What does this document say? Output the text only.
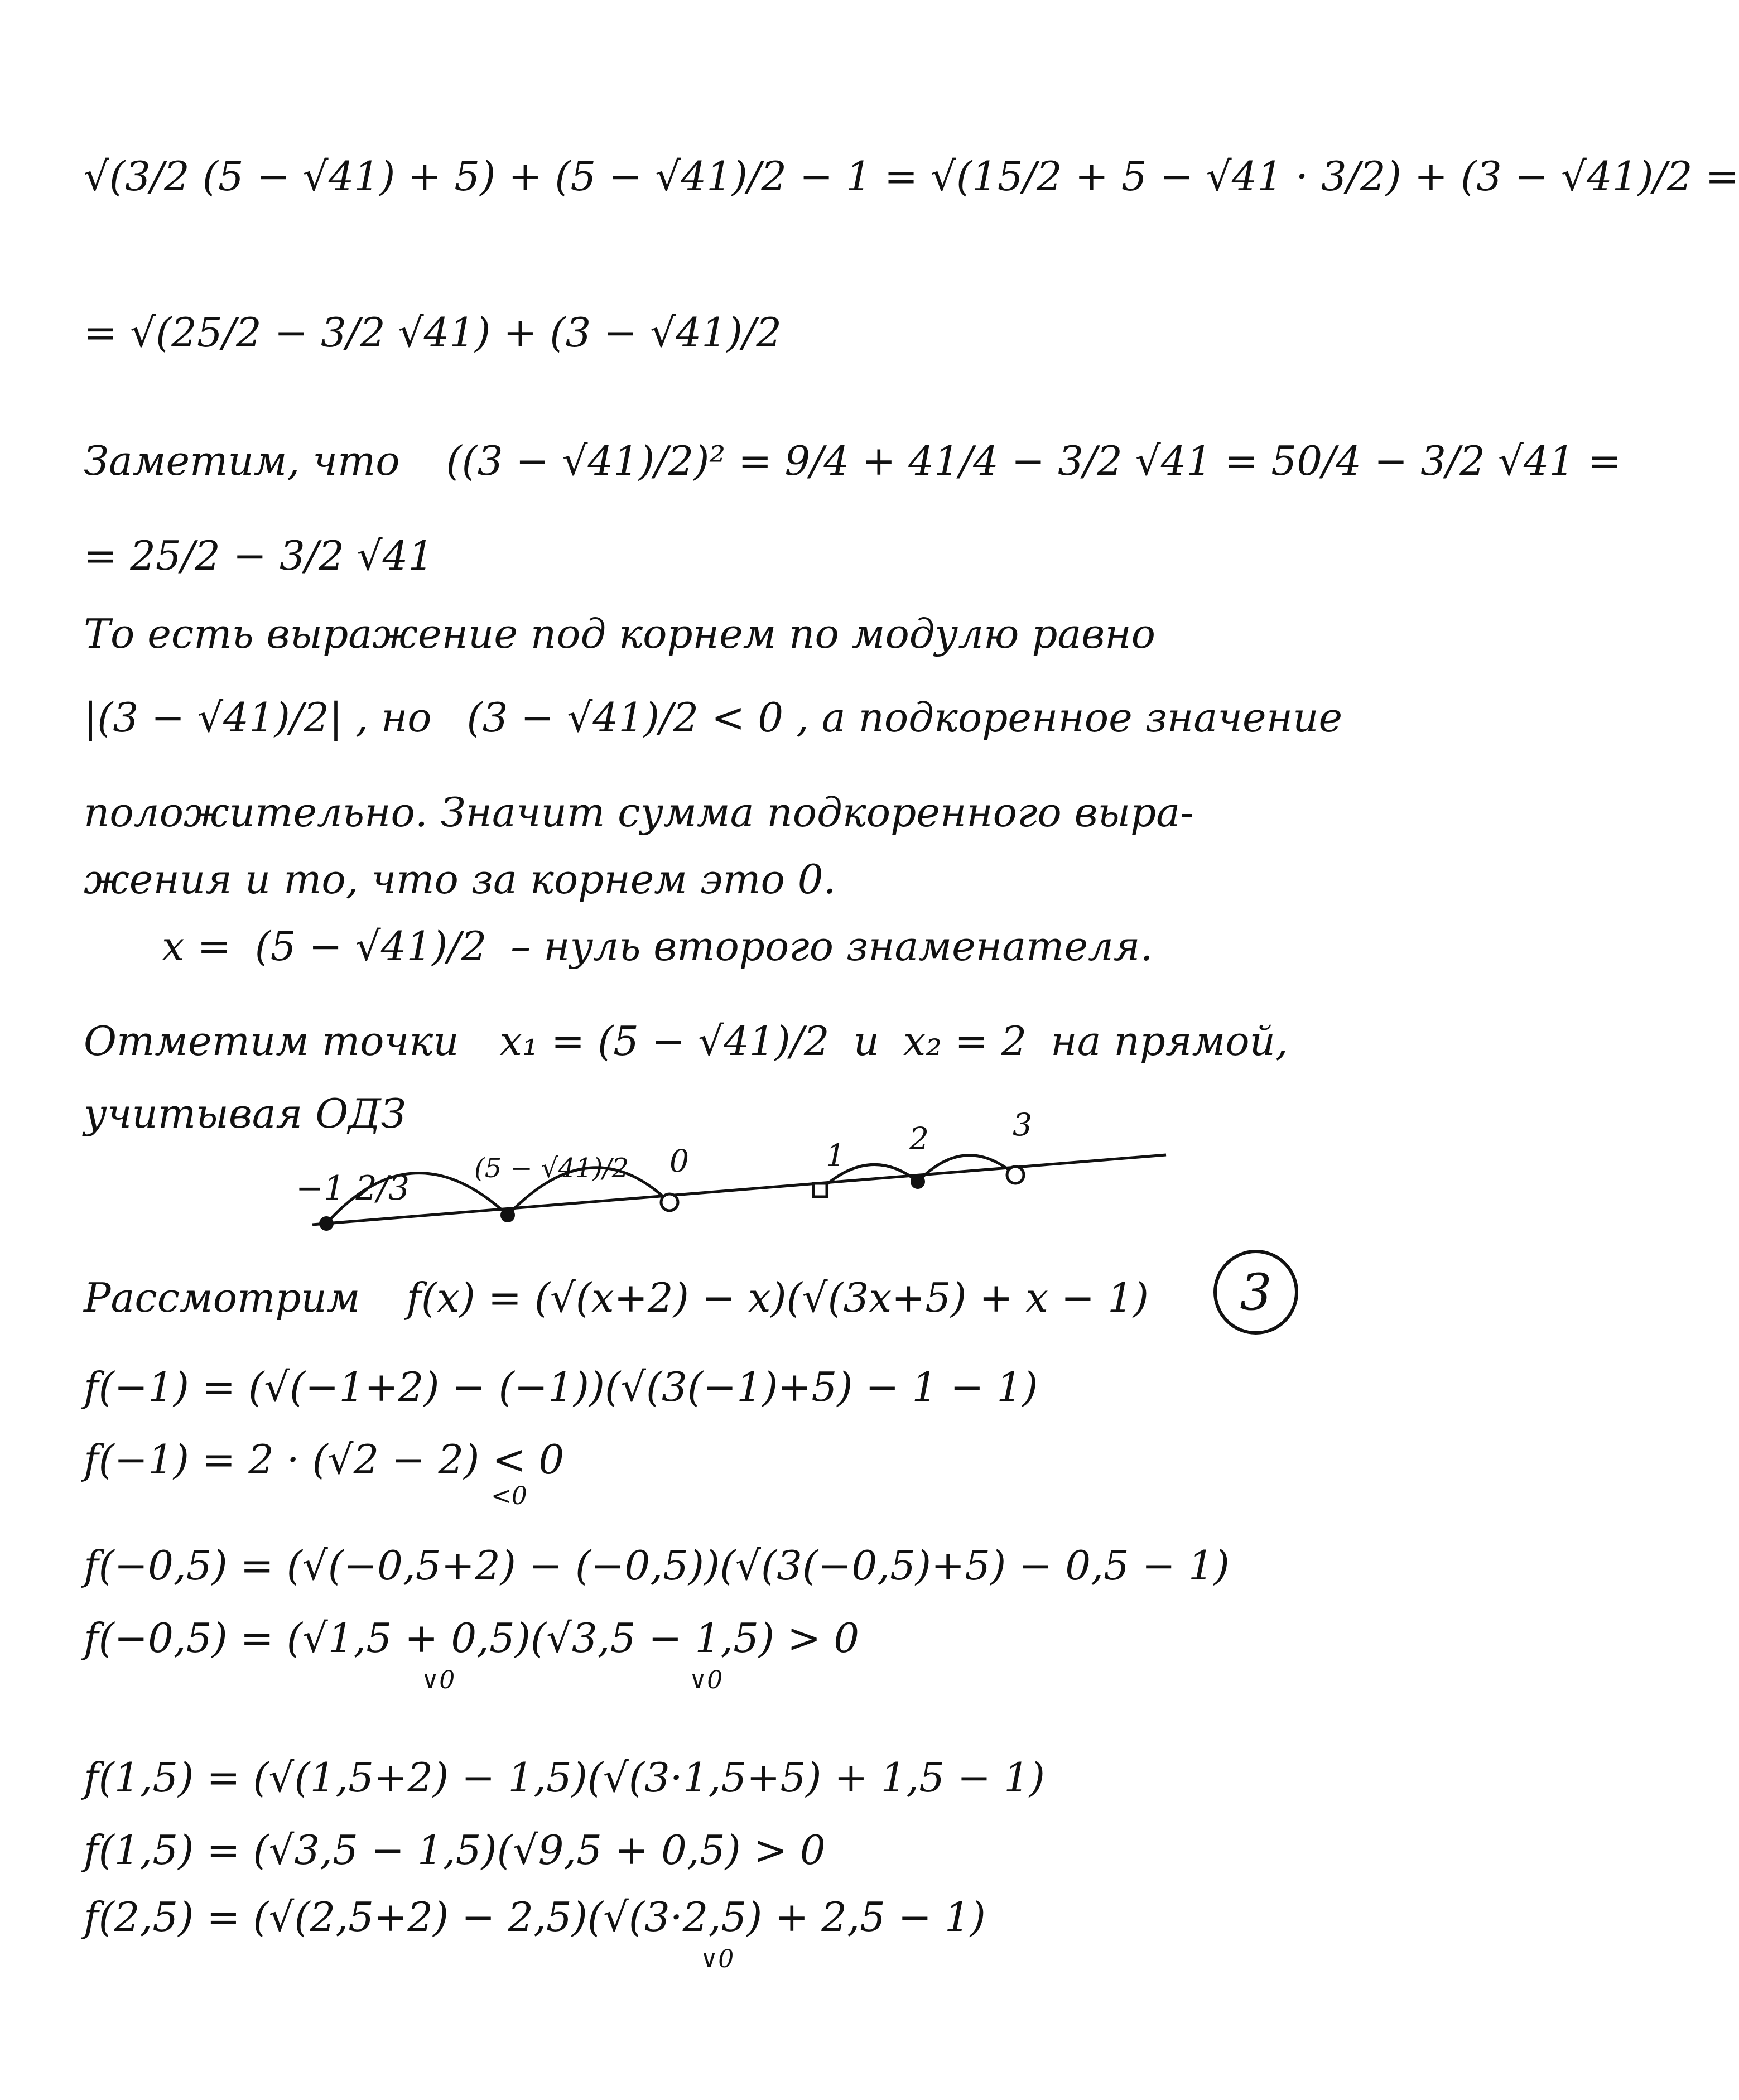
√(3/2 (5 − √41) + 5) + (5 − √41)/2 − 1 = √(15/2 + 5 − √41 · 3/2) + (3 − √41)/2 =
= √(25/2 − 3/2 √41) + (3 − √41)/2
Заметим, что ((3 − √41)/2)² = 9/4 + 41/4 − 3/2 √41 = 50/4 − 3/2 √41 =
= 25/2 − 3/2 √41
То есть выражение под корнем по модулю равно
|(3 − √41)/2| , но (3 − √41)/2 < 0 , а подкоренное значение
положительно. Значит сумма подкоренного выра-
жения и то, что за корнем это 0.
x = (5 − √41)/2 – нуль второго знаменателя.
Отметим точки x₁ = (5 − √41)/2 и x₂ = 2 на прямой,
учитывая ОДЗ
−1 2/3
(5 − √41)/2 0	1 2	3
Рассмотрим f(x) = (√(x+2) − x)(√(3x+5) + x − 1)	3
f(−1) = (√(−1+2) − (−1))(√(3(−1)+5) − 1 − 1)
f(−1) = 2 · (√2 − 2) < 0
<0
f(−0,5) = (√(−0,5+2) − (−0,5))(√(3(−0,5)+5) − 0,5 − 1)
f(−0,5) = (√1,5 + 0,5)(√3,5 − 1,5) > 0
∨0	∨0
f(1,5) = (√(1,5+2) − 1,5)(√(3·1,5+5) + 1,5 − 1)
f(1,5) = (√3,5 − 1,5)(√9,5 + 0,5) > 0
f(2,5) = (√(2,5+2) − 2,5)(√(3·2,5) + 2,5 − 1)
∨0
